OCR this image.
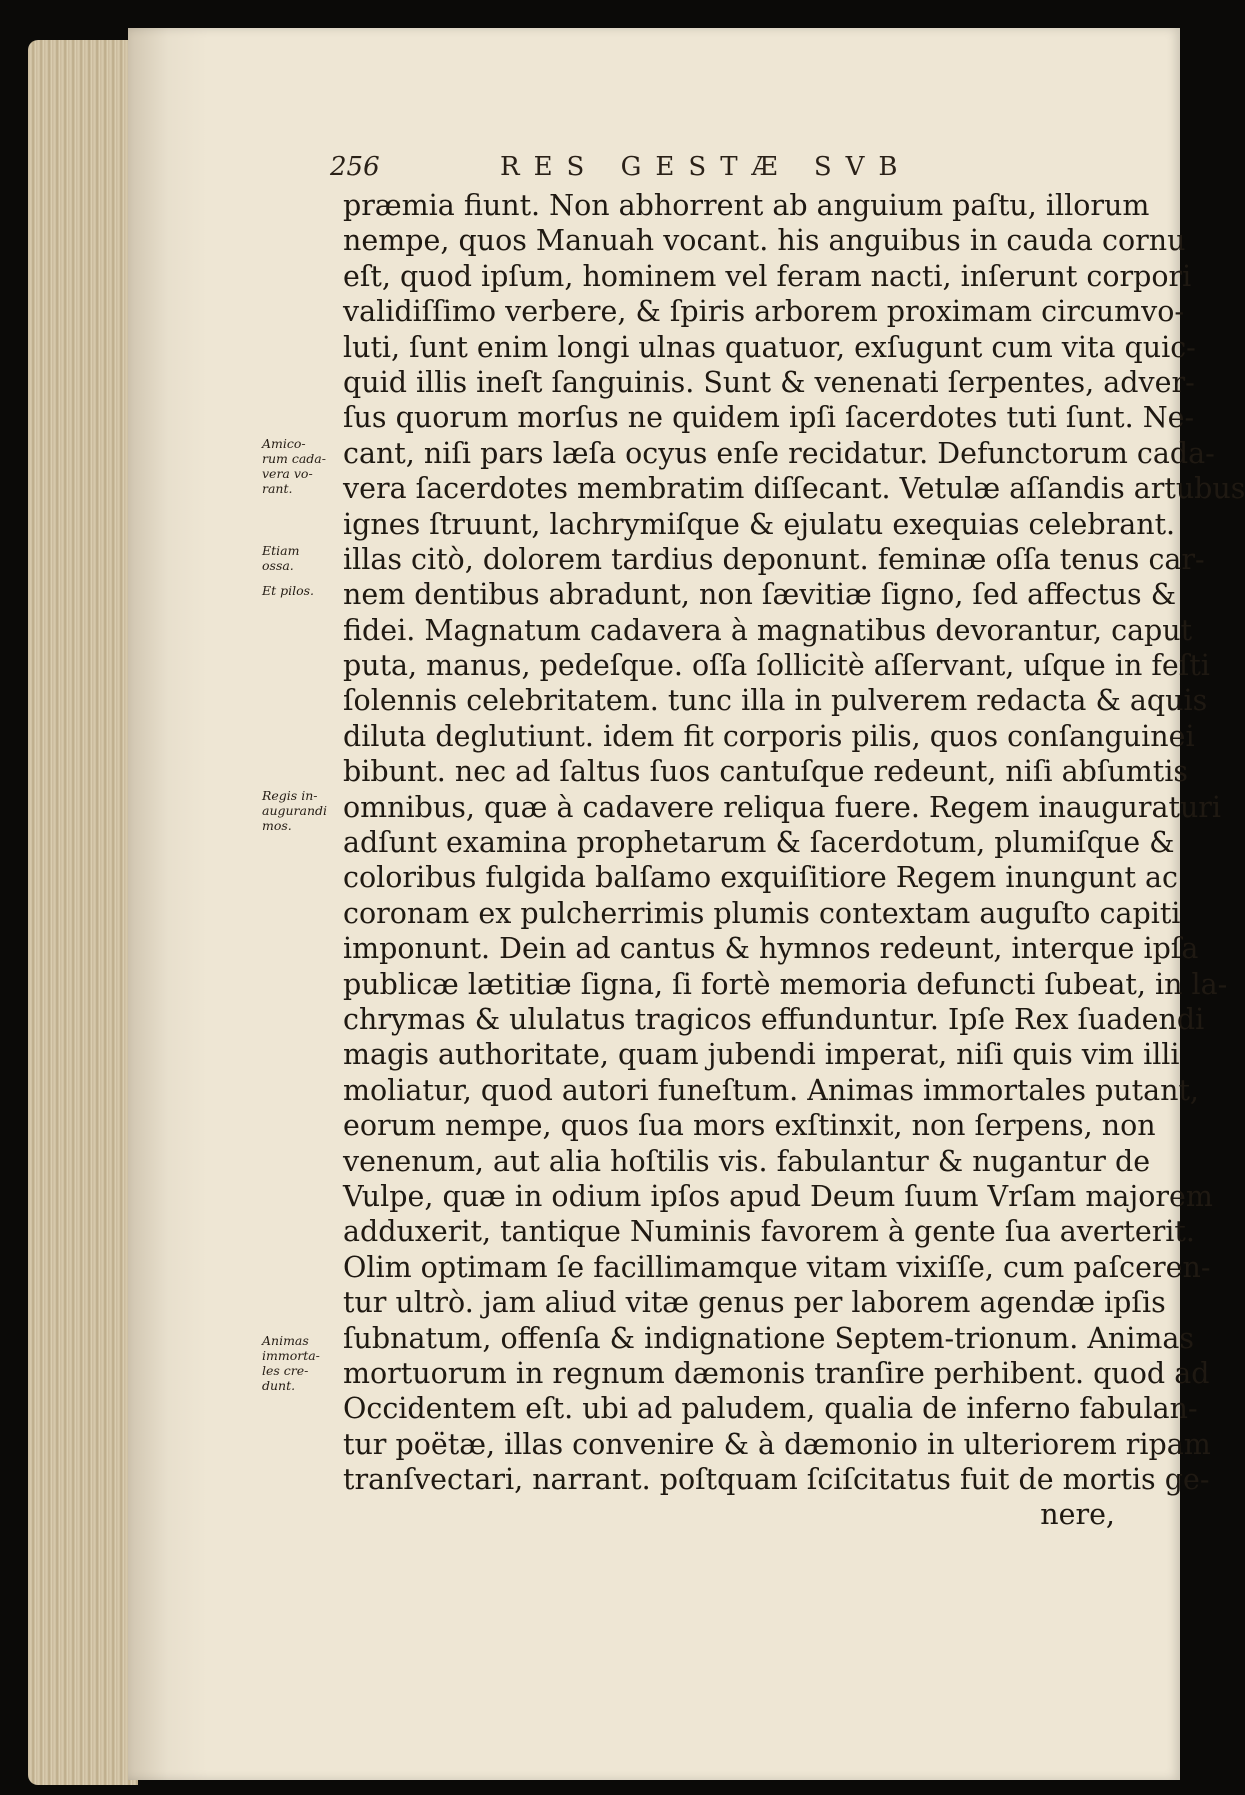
256	RES GESTÆ SVB
Amico-
rum cada-
vera vo-
rant.
Etiam
ossa.
Et pilos.
Regis in-
augurandi
mos.
Animas
immorta-
les cre-
dunt.
præmia fiunt. Non abhorrent ab anguium paſtu, illorum
nempe, quos Manuah vocant. his anguibus in cauda cornu
eſt, quod ipſum, hominem vel feram nacti, inſerunt corpori
validiſſimo verbere, & ſpiris arborem proximam circumvo-
luti, ſunt enim longi ulnas quatuor, exſugunt cum vita quic-
quid illis ineſt ſanguinis. Sunt & venenati ſerpentes, adver-
ſus quorum morſus ne quidem ipſi ſacerdotes tuti ſunt. Ne-
cant, niſi pars læſa ocyus enſe recidatur. Defunctorum cada-
vera ſacerdotes membratim diſſecant. Vetulæ aſſandis artubus
ignes ſtruunt, lachrymiſque & ejulatu exequias celebrant.
illas citò, dolorem tardius deponunt. feminæ oſſa tenus car-
nem dentibus abradunt, non ſævitiæ ſigno, ſed affectus &
fidei. Magnatum cadavera à magnatibus devorantur, caput
puta, manus, pedeſque. oſſa ſollicitè aſſervant, uſque in feſti
ſolennis celebritatem. tunc illa in pulverem redacta & aquis
diluta deglutiunt. idem fit corporis pilis, quos conſanguinei
bibunt. nec ad ſaltus ſuos cantuſque redeunt, niſi abſumtis
omnibus, quæ à cadavere reliqua fuere. Regem inauguraturi
adſunt examina prophetarum & ſacerdotum, plumiſque &
coloribus fulgida balſamo exquiſitiore Regem inungunt ac
coronam ex pulcherrimis plumis contextam auguſto capiti
imponunt. Dein ad cantus & hymnos redeunt, interque ipſa
publicæ lætitiæ ſigna, ſi fortè memoria defuncti ſubeat, in la-
chrymas & ululatus tragicos effunduntur. Ipſe Rex ſuadendi
magis authoritate, quam jubendi imperat, niſi quis vim illi
moliatur, quod autori funeſtum. Animas immortales putant,
eorum nempe, quos ſua mors exſtinxit, non ſerpens, non
venenum, aut alia hoſtilis vis. fabulantur & nugantur de
Vulpe, quæ in odium ipſos apud Deum ſuum Vrſam majorem
adduxerit, tantique Numinis favorem à gente ſua averterit.
Olim optimam ſe facillimamque vitam vixiſſe, cum paſceren-
tur ultrò. jam aliud vitæ genus per laborem agendæ ipſis
ſubnatum, offenſa & indignatione Septem-trionum. Animas
mortuorum in regnum dæmonis tranſire perhibent. quod ad
Occidentem eſt. ubi ad paludem, qualia de inferno fabulan-
tur poëtæ, illas convenire & à dæmonio in ulteriorem ripam
tranſvectari, narrant. poſtquam ſciſcitatus fuit de mortis ge-
nere,
